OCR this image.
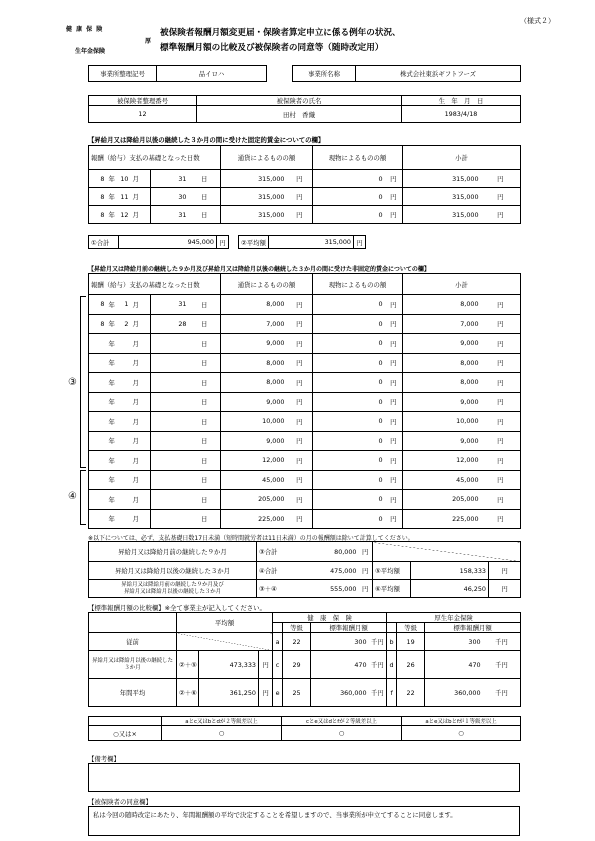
（様式２）
健 康 保 険
厚
生年金保険
被保険者報酬月額変更届・保険者算定申立に係る例年の状況、
標準報酬月額の比較及び被保険者の同意等（随時改定用）
事業所整理記号	品イロハ		事業所名称	株式会社東浜ギフトフーズ
被保険者整理番号	被保険者の氏名	生　年　月　日
12	田村　香織	1983/4/18
【昇給月又は降給月以後の継続した３か月の間に受けた固定的賃金についての欄】
報酬（給与）支払の基礎となった日数						通貨によるものの額		現物によるものの額		小計	
8	年	10	月	31	日	315,000	円	0	円	315,000	円
8	年	11	月	30	日	315,000	円	0	円	315,000	円
8	年	12	月	31	日	315,000	円	0	円	315,000	円
①合計	945,000	円		②平均額	315,000	円
【昇給月又は降給月前の継続した９か月及び昇給月又は降給月以後の継続した３か月の間に受けた非固定的賃金についての欄】
報酬（給与）支払の基礎となった日数						通貨によるものの額		現物によるものの額		小計	
8	年	1	月	31	日	8,000	円	0	円	8,000	円
8	年	2	月	28	日	7,000	円	0	円	7,000	円
	年		月		日	9,000	円	0	円	9,000	円
	年		月		日	8,000	円	0	円	8,000	円
	年		月		日	8,000	円	0	円	8,000	円
	年		月		日	9,000	円	0	円	9,000	円
	年		月		日	10,000	円	0	円	10,000	円
	年		月		日	9,000	円	0	円	9,000	円
	年		月		日	12,000	円	0	円	12,000	円
	年		月		日	45,000	円	0	円	45,000	円
	年		月		日	205,000	円	0	円	205,000	円
	年		月		日	225,000	円	0	円	225,000	円
③
④
※以下については、必ず、支払基礎日数17日未満（短時間就労者は11日未満）の月の報酬額は除いて計算してください。
昇給月又は降給月前の継続した９か月	③合計	80,000	円			
昇給月又は降給月以後の継続した３か月	④合計	475,000	円	⑤平均額	158,333	円

昇給月又は降給月前の継続した９か月及び
昇給月又は降給月以後の継続した３か月	③＋④	555,000	円	⑥平均額	46,250	円
【標準報酬月額の比較欄】※全て事業主が記入してください。
	平均額			健　康　保　険				厚生年金保険			
					等級	標準報酬月額			等級	標準報酬月額	
従前				a	22	300	千円	b	19	300	千円
昇給月又は降給月以後の継続した３か月	②＋⑤	473,333	円	c	29	470	千円	d	26	470	千円
年間平均	②＋⑥	361,250	円	e	25	360,000	千円	f	22	360,000	千円
	aとc又はbとdが２等級差以上	cとe又はdとfが２等級差以上	aとe又はbとfが１等級差以上
○又は×	○	○	○
【備考欄】
【被保険者の同意欄】
私は今回の随時改定にあたり、年間報酬額の平均で決定することを希望しますので、当事業所が申立てすることに同意します。
